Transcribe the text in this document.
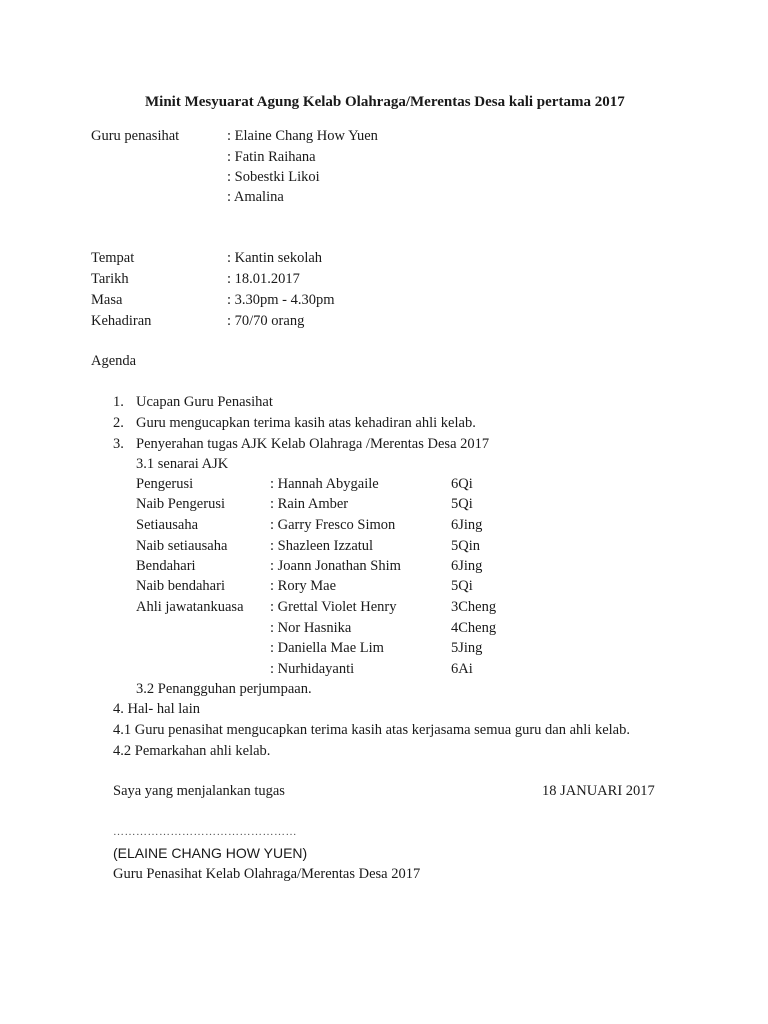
Minit Mesyuarat Agung Kelab Olahraga/Merentas Desa kali pertama 2017
Guru penasihat	: Elaine Chang How Yuen
: Fatin Raihana
: Sobestki Likoi
: Amalina
Tempat	: Kantin sekolah
Tarikh	: 18.01.2017
Masa	: 3.30pm - 4.30pm
Kehadiran	: 70/70 orang
Agenda
1. Ucapan Guru Penasihat
2. Guru mengucapkan terima kasih atas kehadiran ahli kelab.
3. Penyerahan tugas AJK Kelab Olahraga /Merentas Desa 2017
3.1 senarai AJK
Pengerusi	: Hannah Abygaile	6Qi
Naib Pengerusi	: Rain Amber	5Qi
Setiausaha	: Garry Fresco Simon	6Jing
Naib setiausaha	: Shazleen Izzatul	5Qin
Bendahari	: Joann Jonathan Shim	6Jing
Naib bendahari	: Rory Mae	5Qi
Ahli jawatankuasa : Grettal Violet Henry	3Cheng
: Nor Hasnika	4Cheng
: Daniella Mae Lim	5Jing
: Nurhidayanti	6Ai
3.2 Penangguhan perjumpaan.
4. Hal- hal lain
4.1 Guru penasihat mengucapkan terima kasih atas kerjasama semua guru dan ahli kelab.
4.2 Pemarkahan ahli kelab.
Saya yang menjalankan tugas	18 JANUARI 2017
…………………………………………
(ELAINE CHANG HOW YUEN)
Guru Penasihat Kelab Olahraga/Merentas Desa 2017
